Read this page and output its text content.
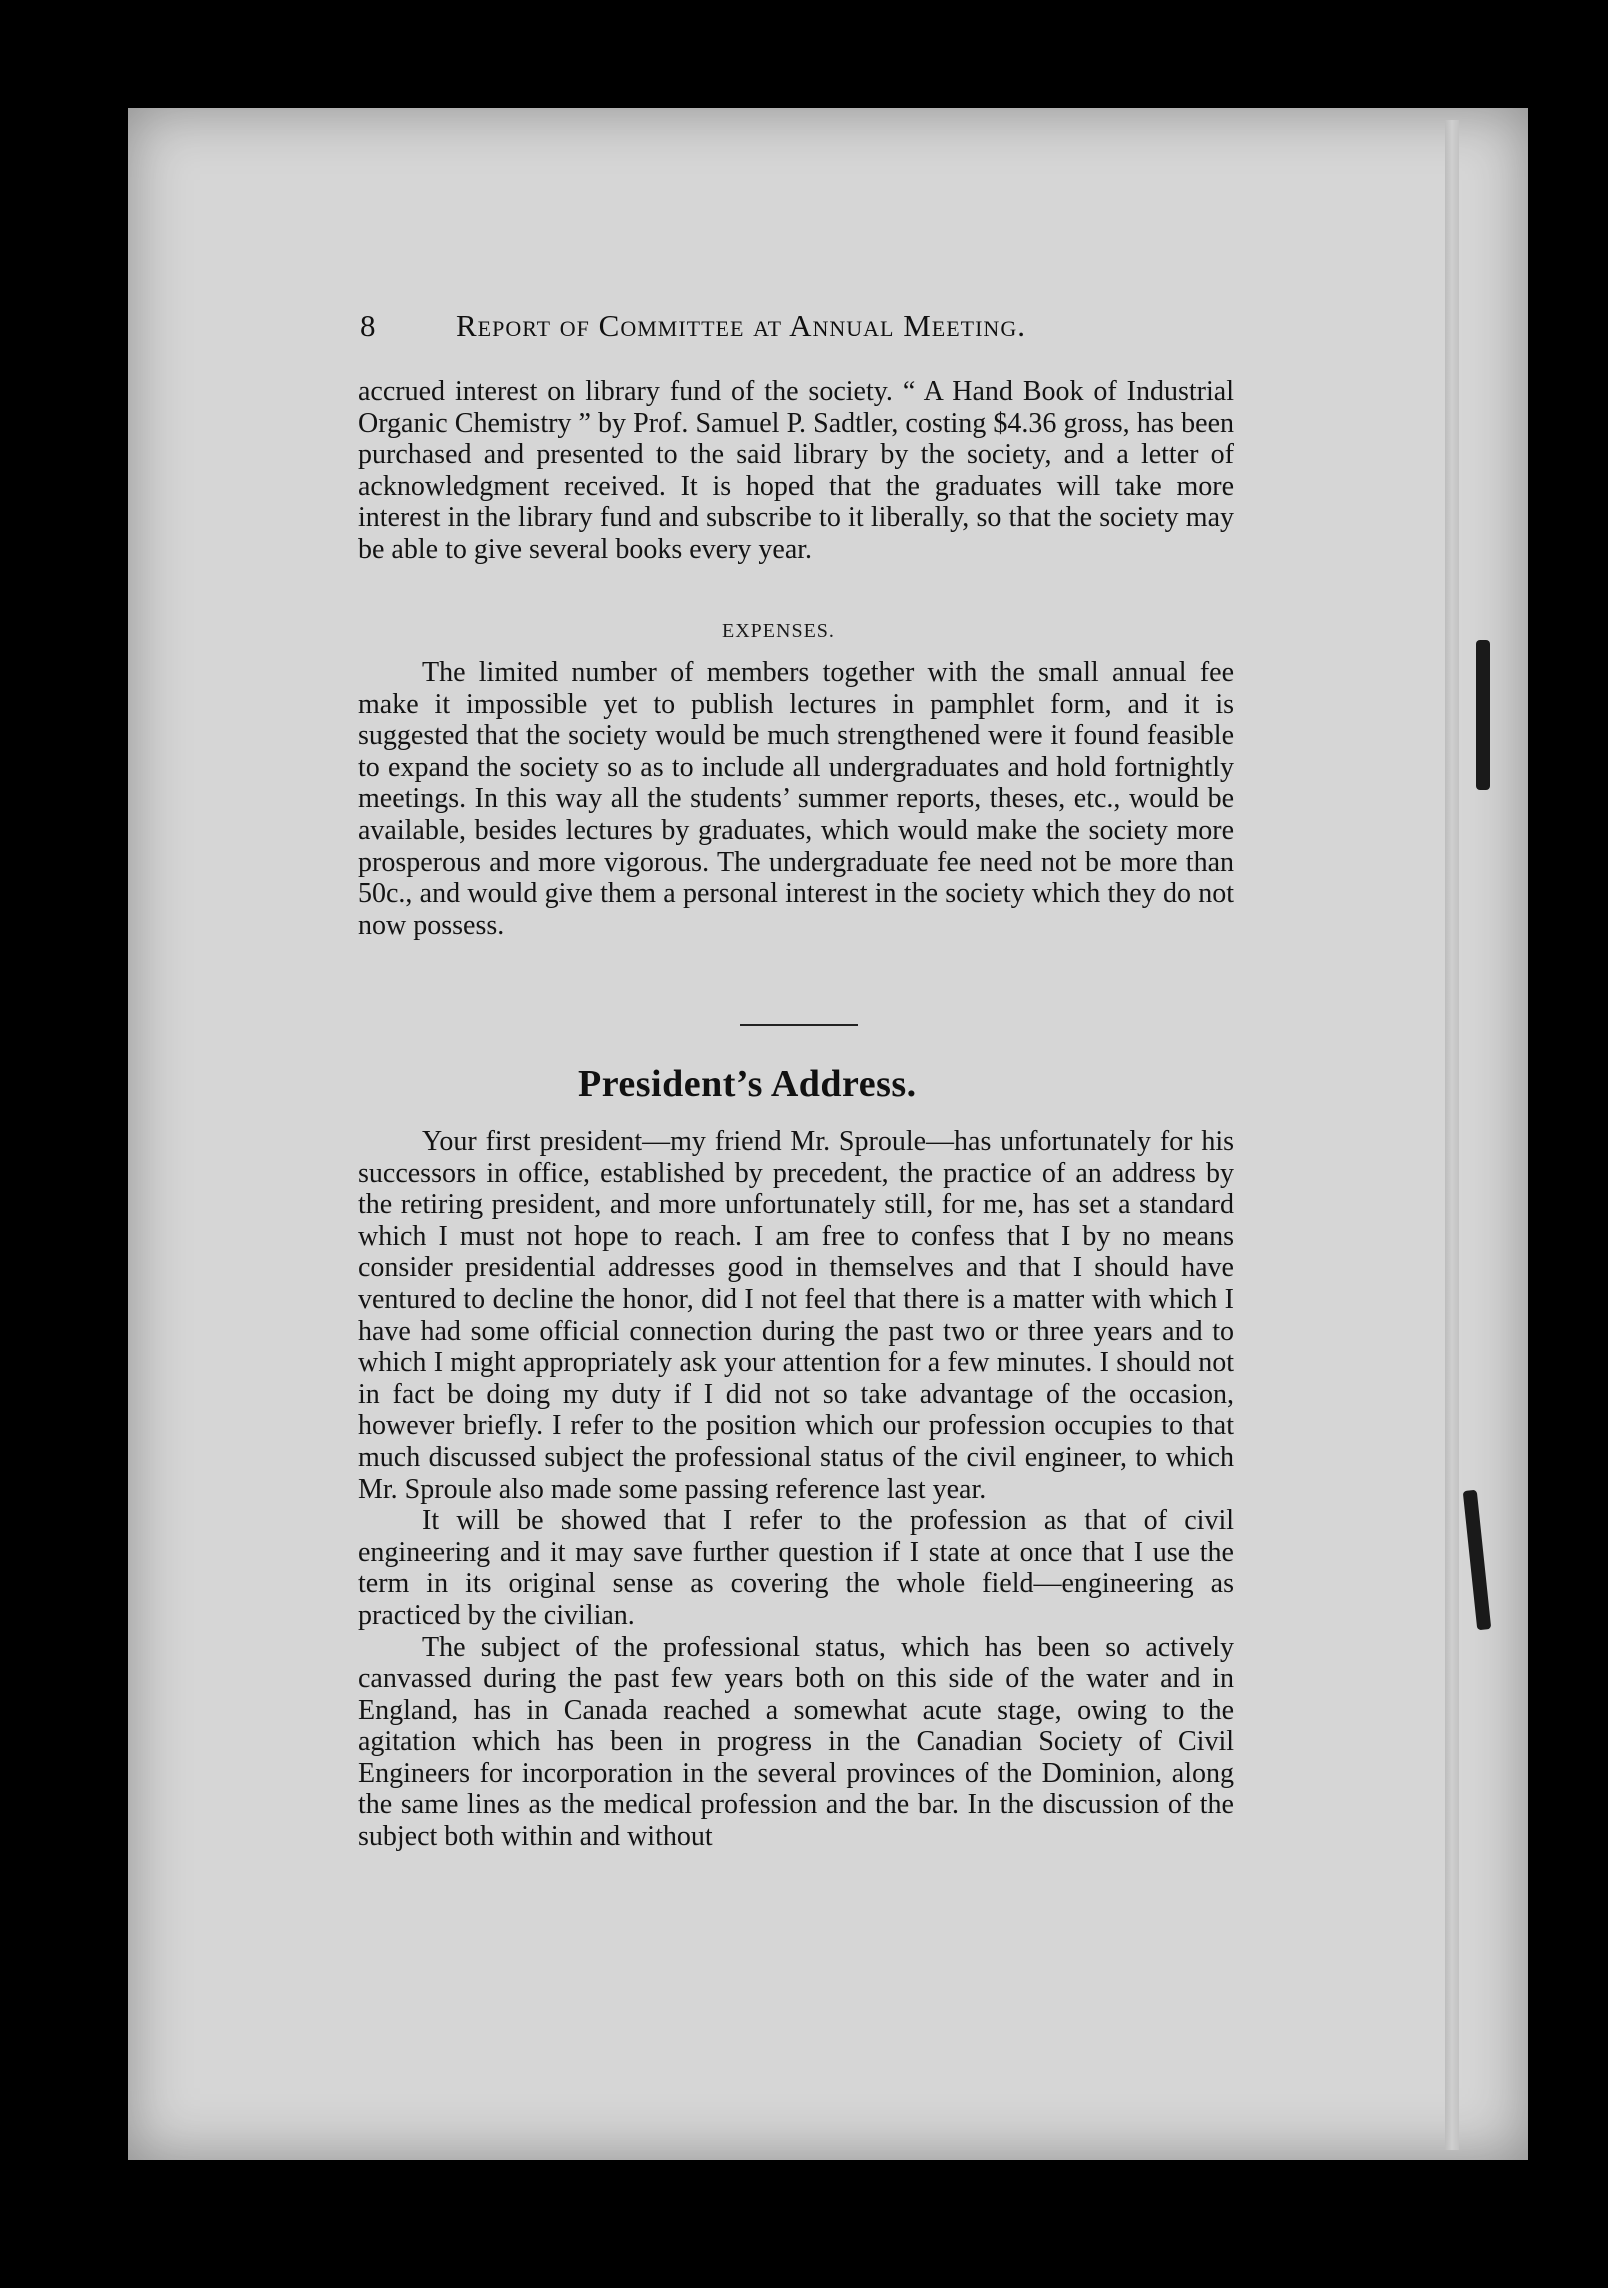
8	Report of Committee at Annual Meeting.

accrued interest on library fund of the society. “ A Hand Book of Industrial Organic Chemistry ” by Prof. Samuel P. Sadtler, costing $4.36 gross, has been purchased and presented to the said library by the society, and a letter of acknowledgment received. It is hoped that the graduates will take more interest in the library fund and subscribe to it liberally, so that the society may be able to give several books every year.

EXPENSES.

The limited number of members together with the small annual fee make it impossible yet to publish lectures in pamphlet form, and it is suggested that the society would be much strengthened were it found feasible to expand the society so as to include all undergraduates and hold fortnightly meetings. In this way all the students’ summer reports, theses, etc., would be available, besides lectures by graduates, which would make the society more prosperous and more vigorous. The undergraduate fee need not be more than 50c., and would give them a personal interest in the society which they do not now possess.

President’s Address.

Your first president—my friend Mr. Sproule—has unfortunately for his successors in office, established by precedent, the practice of an address by the retiring president, and more unfortunately still, for me, has set a standard which I must not hope to reach. I am free to confess that I by no means consider presidential addresses good in themselves and that I should have ventured to decline the honor, did I not feel that there is a matter with which I have had some official connection during the past two or three years and to which I might appropriately ask your attention for a few minutes. I should not in fact be doing my duty if I did not so take advantage of the occasion, however briefly. I refer to the position which our profession occupies to that much discussed subject the professional status of the civil engineer, to which Mr. Sproule also made some passing reference last year.

It will be showed that I refer to the profession as that of civil engineering and it may save further question if I state at once that I use the term in its original sense as covering the whole field—engineering as practiced by the civilian.

The subject of the professional status, which has been so actively canvassed during the past few years both on this side of the water and in England, has in Canada reached a somewhat acute stage, owing to the agitation which has been in progress in the Canadian Society of Civil Engineers for incorporation in the several provinces of the Dominion, along the same lines as the medical profession and the bar. In the discussion of the subject both within and without
